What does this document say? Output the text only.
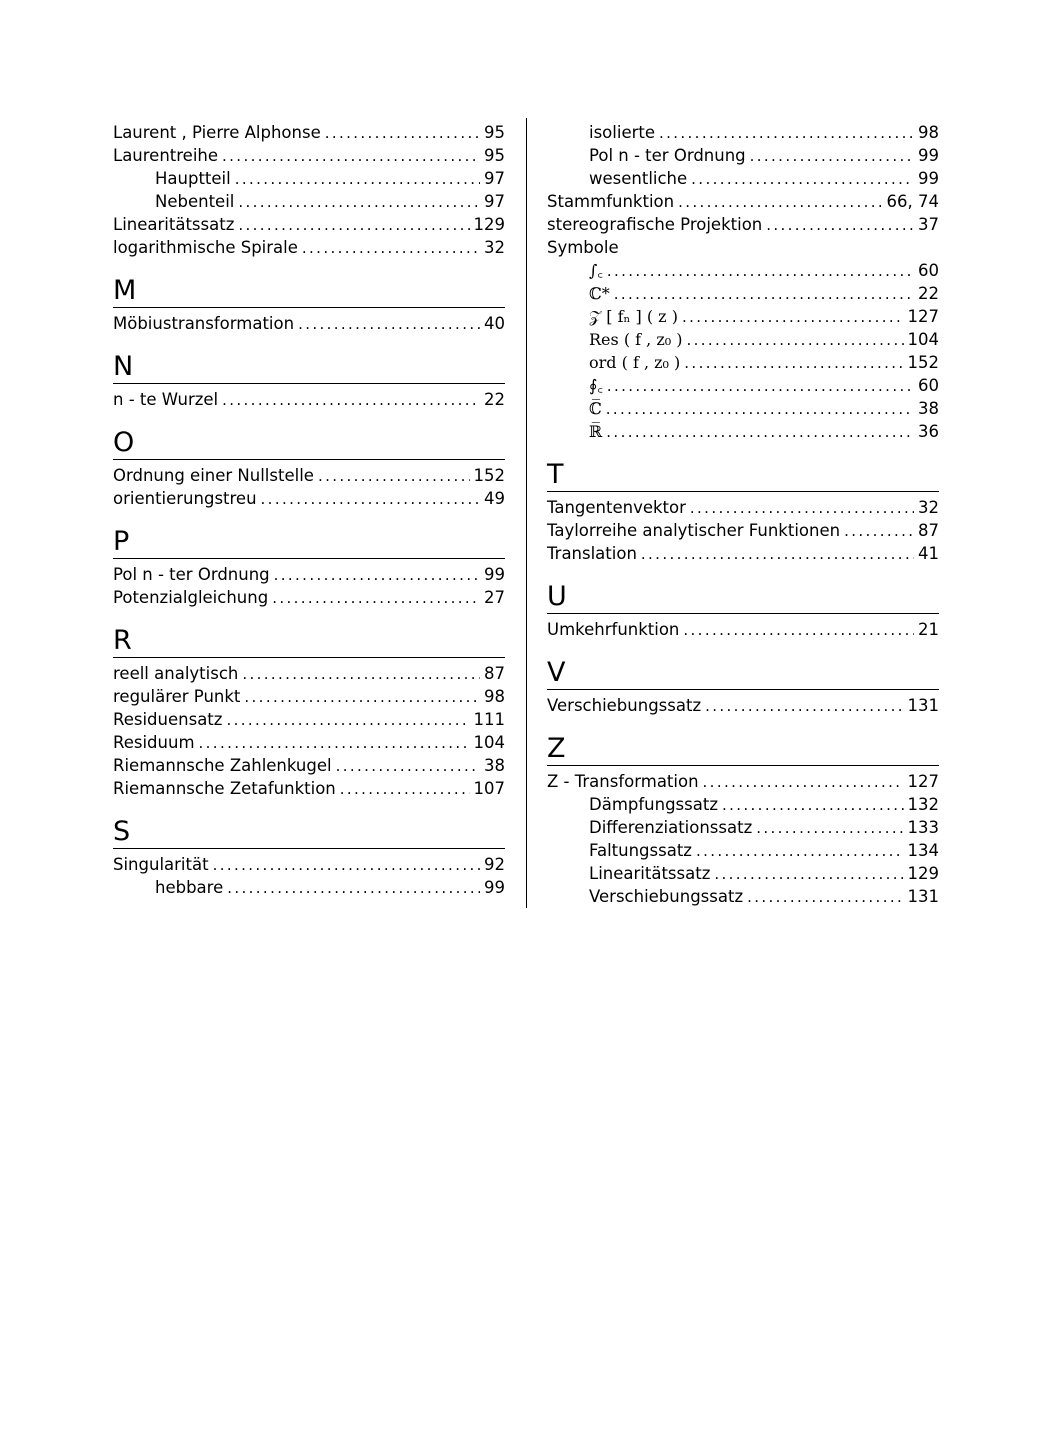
Laurent , Pierre Alphonse . . .	95
Laurentreihe . . .	95
Hauptteil . . .	97
Nebenteil . . .	97
Linearitätssatz . . .	129
logarithmische Spirale . . .	32
M
Möbiustransformation . . .	40
N
n - te Wurzel . . .	22
O
Ordnung einer Nullstelle . . .	152
orientierungstreu . . .	49
P
Pol n - ter Ordnung . . .	99
Potenzialgleichung . . .	27
R
reell analytisch . . .	87
regulärer Punkt . . .	98
Residuensatz . . .	111
Residuum . . .	104
Riemannsche Zahlenkugel . . .	38
Riemannsche Zetafunktion . . .	107
S
Singularität . . .	92
hebbare . . .	99
isolierte . . .	98
Pol n - ter Ordnung . . .	99
wesentliche . . .	99
Stammfunktion . . .	66, 74
stereografische Projektion . . .	37
Symbole
∫꜀ . . .	60
ℂ* . . .	22
𝒵 [ fₙ ] ( z ) . . .	127
Res ( f , z₀ ) . . .	104
ord ( f , z₀ ) . . .	152
∮꜀ . . .	60
ℂ̅ . . .	38
ℝ̅ . . .	36
T
Tangentenvektor . . .	32
Taylorreihe analytischer Funktionen . . .	87
Translation . . .	41
U
Umkehrfunktion . . .	21
V
Verschiebungssatz . . .	131
Z
Z - Transformation . . .	127
Dämpfungssatz . . .	132
Differenziationssatz . . .	133
Faltungssatz . . .	134
Linearitätssatz . . .	129
Verschiebungssatz . . .	131
